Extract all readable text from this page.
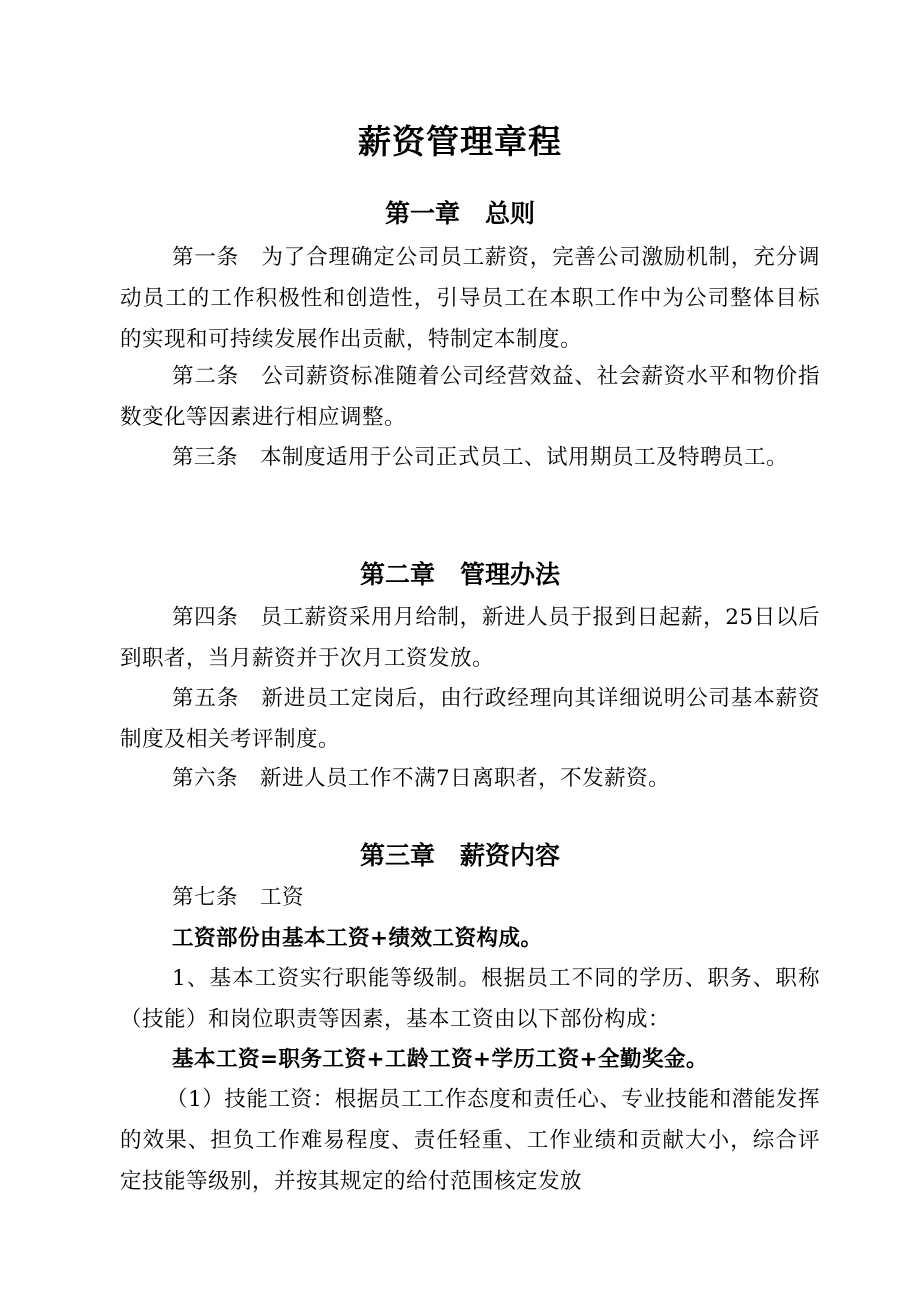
薪资管理章程
第一章　总则

第一条　为了合理确定公司员工薪资，完善公司激励机制，充分调动员工的工作积极性和创造性，引导员工在本职工作中为公司整体目标的实现和可持续发展作出贡献，特制定本制度。

第二条　公司薪资标准随着公司经营效益、社会薪资水平和物价指数变化等因素进行相应调整。

第三条　本制度适用于公司正式员工、试用期员工及特聘员工。

第二章　管理办法

第四条　员工薪资采用月给制，新进人员于报到日起薪，25日以后到职者，当月薪资并于次月工资发放。

第五条　新进员工定岗后，由行政经理向其详细说明公司基本薪资制度及相关考评制度。

第六条　新进人员工作不满7日离职者，不发薪资。

第三章　薪资内容

第七条　工资

工资部份由基本工资+绩效工资构成。

1、基本工资实行职能等级制。根据员工不同的学历、职务、职称（技能）和岗位职责等因素，基本工资由以下部份构成：

基本工资=职务工资+工龄工资+学历工资+全勤奖金。

（1）技能工资：根据员工工作态度和责任心、专业技能和潜能发挥的效果、担负工作难易程度、责任轻重、工作业绩和贡献大小，综合评定技能等级别，并按其规定的给付范围核定发放
